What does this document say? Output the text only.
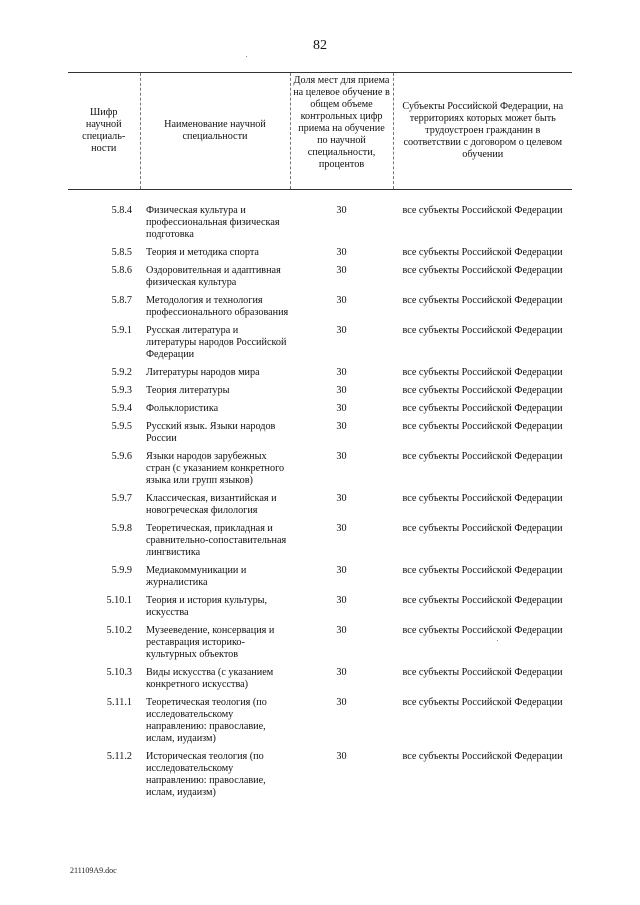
82
Шифр научной специаль-ности	Наименование научной специальности	Доля мест для приема на целевое обучение в общем объеме контрольных цифр приема на обучение по научной специальности, процентов	Субъекты Российской Федерации, на территориях которых может быть трудоустроен гражданин в соответствии с договором о целевом обучении
5.8.4	Физическая культура и профессиональная физическая подготовка	30	все субъекты Российской Федерации
5.8.5	Теория и методика спорта	30	все субъекты Российской Федерации
5.8.6	Оздоровительная и адаптивная физическая культура	30	все субъекты Российской Федерации
5.8.7	Методология и технология профессионального образования	30	все субъекты Российской Федерации
5.9.1	Русская литература и литературы народов Российской Федерации	30	все субъекты Российской Федерации
5.9.2	Литературы народов мира	30	все субъекты Российской Федерации
5.9.3	Теория литературы	30	все субъекты Российской Федерации
5.9.4	Фольклористика	30	все субъекты Российской Федерации
5.9.5	Русский язык. Языки народов России	30	все субъекты Российской Федерации
5.9.6	Языки народов зарубежных стран (с указанием конкретного языка или групп языков)	30	все субъекты Российской Федерации
5.9.7	Классическая, византийская и новогреческая филология	30	все субъекты Российской Федерации
5.9.8	Теоретическая, прикладная и сравнительно-сопоставительная лингвистика	30	все субъекты Российской Федерации
5.9.9	Медиакоммуникации и журналистика	30	все субъекты Российской Федерации
5.10.1	Теория и история культуры, искусства	30	все субъекты Российской Федерации
5.10.2	Музееведение, консервация и реставрация историко-культурных объектов	30	все субъекты Российской Федерации
5.10.3	Виды искусства (с указанием конкретного искусства)	30	все субъекты Российской Федерации
5.11.1	Теоретическая теология (по исследовательскому направлению: православие, ислам, иудаизм)	30	все субъекты Российской Федерации
5.11.2	Историческая теология (по исследовательскому направлению: православие, ислам, иудаизм)	30	все субъекты Российской Федерации
211109А9.doc
